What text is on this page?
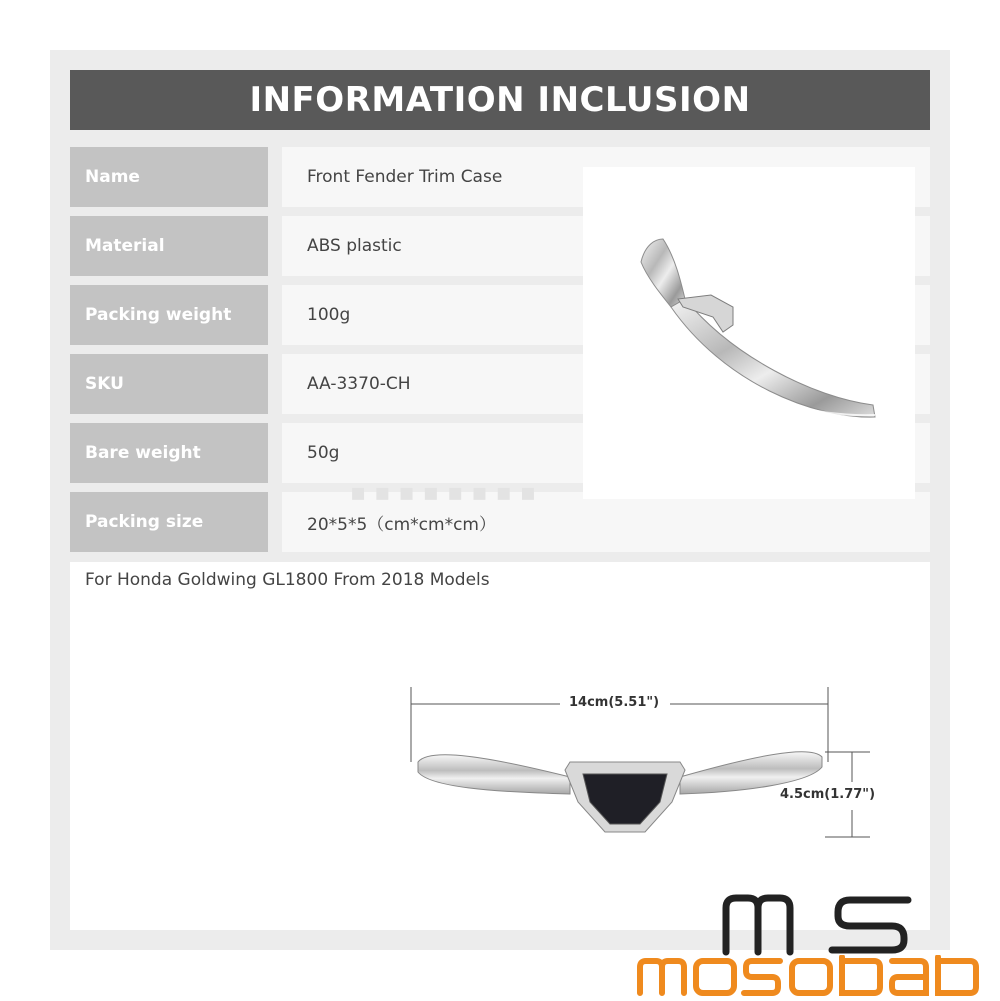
INFORMATION INCLUSION
Name	Front Fender Trim Case
Material	ABS plastic
Packing weight	100g
SKU	AA-3370-CH
Bare weight	50g
Packing size	20*5*5（cm*cm*cm）
▪▪▪▪▪▪▪▪
For Honda Goldwing GL1800 From 2018 Models
14cm(5.51")
4.5cm(1.77")
